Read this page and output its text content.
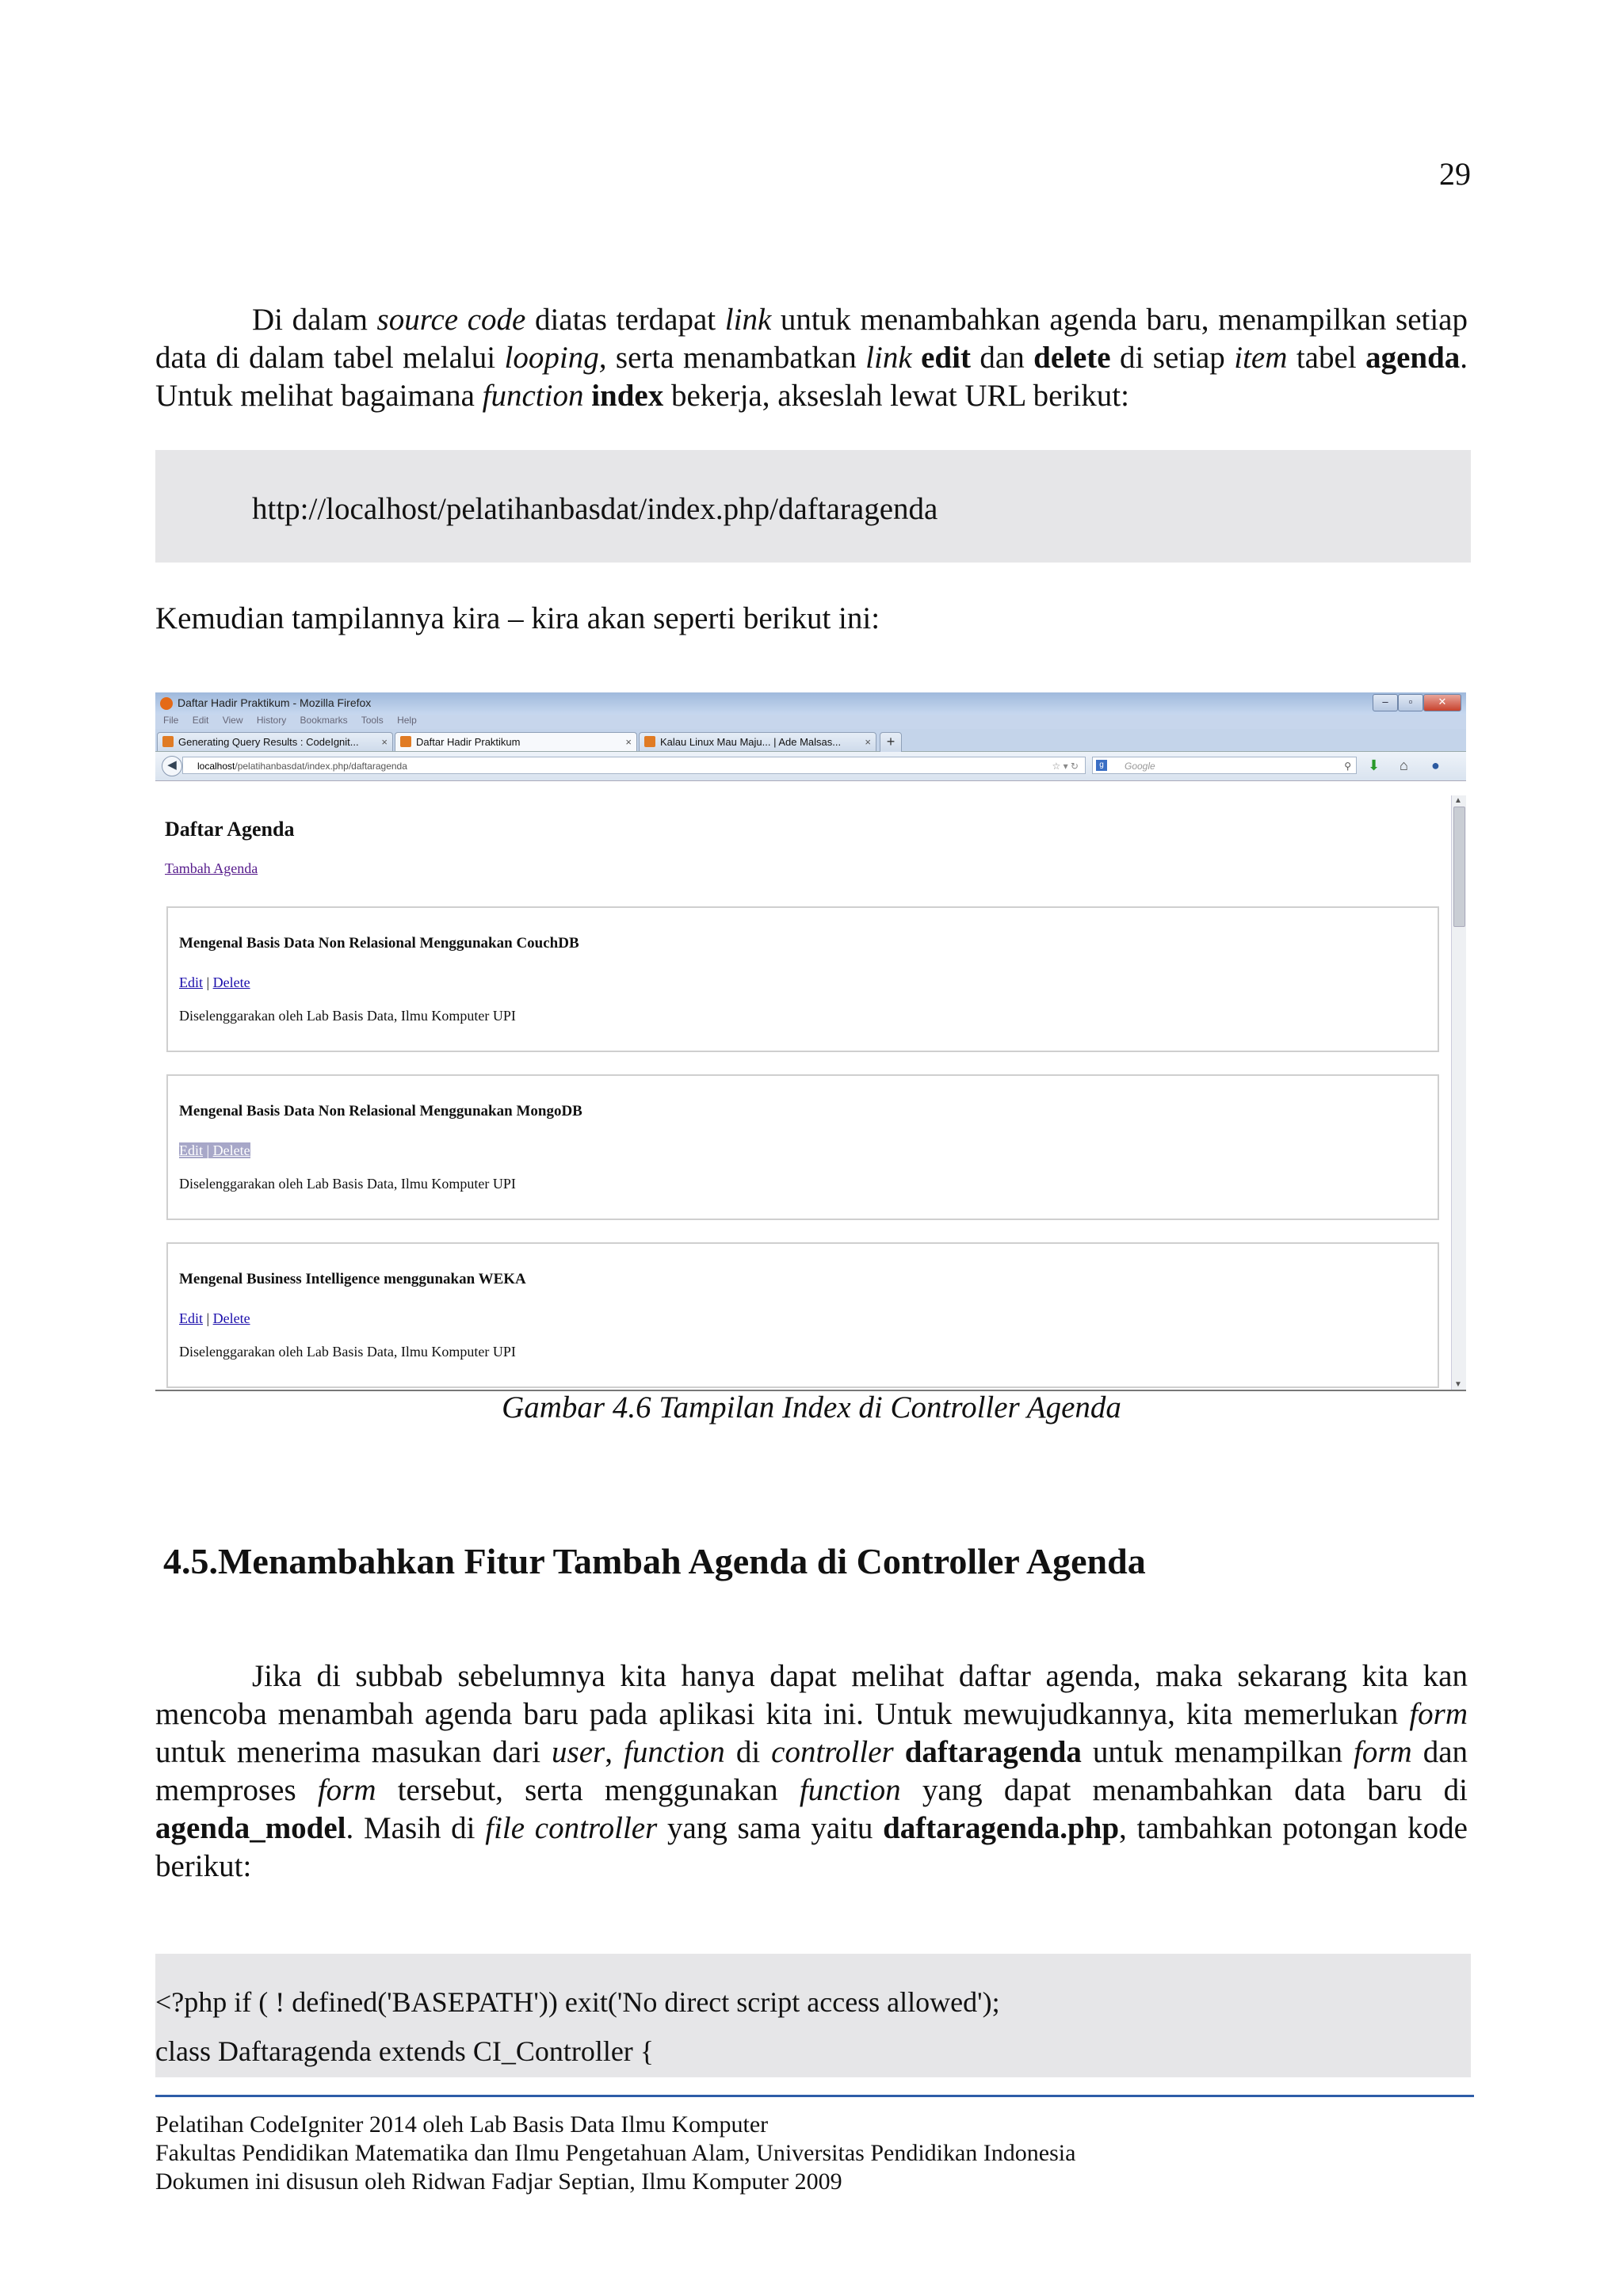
29
Di dalam source code diatas terdapat link untuk menambahkan agenda baru, menampilkan setiap data di dalam tabel melalui looping, serta menambatkan link edit dan delete di setiap item tabel agenda. Untuk melihat bagaimana function index bekerja, akseslah lewat URL berikut:
http://localhost/pelatihanbasdat/index.php/daftaragenda
Kemudian tampilannya kira – kira akan seperti berikut ini:
Daftar Hadir Praktikum - Mozilla Firefox	–	▫	✕
File Edit View History Bookmarks Tools Help
Generating Query Results : CodeIgnit... ×	Daftar Hadir Praktikum	×	Kalau Linux Mau Maju... | Ade Malsas... ×	+
◀	localhost/pelatihanbasdat/index.php/daftaragenda	☆ ▾ ↻	g	Google	⚲ ⬇ ⌂ ●
Daftar Agenda
Tambah Agenda
Mengenal Basis Data Non Relasional Menggunakan CouchDB
Edit | Delete
Diselenggarakan oleh Lab Basis Data, Ilmu Komputer UPI
Mengenal Basis Data Non Relasional Menggunakan MongoDB
Edit | Delete
Diselenggarakan oleh Lab Basis Data, Ilmu Komputer UPI
Mengenal Business Intelligence menggunakan WEKA
Edit | Delete
Diselenggarakan oleh Lab Basis Data, Ilmu Komputer UPI
▲
▼
Gambar 4.6 Tampilan Index di Controller Agenda
4.5.Menambahkan Fitur Tambah Agenda di Controller Agenda
Jika di subbab sebelumnya kita hanya dapat melihat daftar agenda, maka sekarang kita kan mencoba menambah agenda baru pada aplikasi kita ini. Untuk mewujudkannya, kita memerlukan form untuk menerima masukan dari user, function di controller daftaragenda untuk menampilkan form dan memproses form tersebut, serta menggunakan function yang dapat menambahkan data baru di agenda_model. Masih di file controller yang sama yaitu daftaragenda.php, tambahkan potongan kode berikut:
<?php if ( ! defined('BASEPATH')) exit('No direct script access allowed');
class Daftaragenda extends CI_Controller {
Pelatihan CodeIgniter 2014 oleh Lab Basis Data Ilmu Komputer
Fakultas Pendidikan Matematika dan Ilmu Pengetahuan Alam, Universitas Pendidikan Indonesia
Dokumen ini disusun oleh Ridwan Fadjar Septian, Ilmu Komputer 2009
